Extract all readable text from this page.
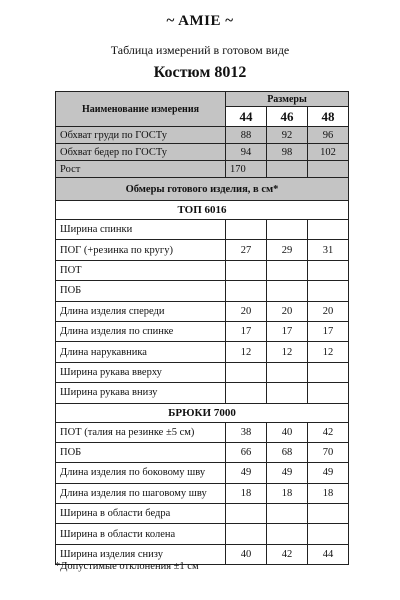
~ AMIE ~
Таблица измерений в готовом виде
Костюм 8012
Наименование измерения	Размеры		
	44	46	48
Обхват груди по ГОСТу	88	92	96
Обхват бедер по ГОСТу	94	98	102
Рост	170		
Обмеры готового изделия, в см*			
ТОП 6016			
Ширина спинки			
ПОГ (+резинка по кругу)	27	29	31
ПОТ			
ПОБ			
Длина изделия спереди	20	20	20
Длина изделия по спинке	17	17	17
Длина нарукавника	12	12	12
Ширина рукава вверху			
Ширина рукава внизу			
БРЮКИ 7000			
ПОТ (талия на резинке ±5 см)	38	40	42
ПОБ	66	68	70
Длина изделия по боковому шву	49	49	49
Длина изделия по шаговому шву	18	18	18
Ширина в области бедра			
Ширина в области колена			
Ширина изделия снизу	40	42	44
*Допустимые отклонения ±1 см
